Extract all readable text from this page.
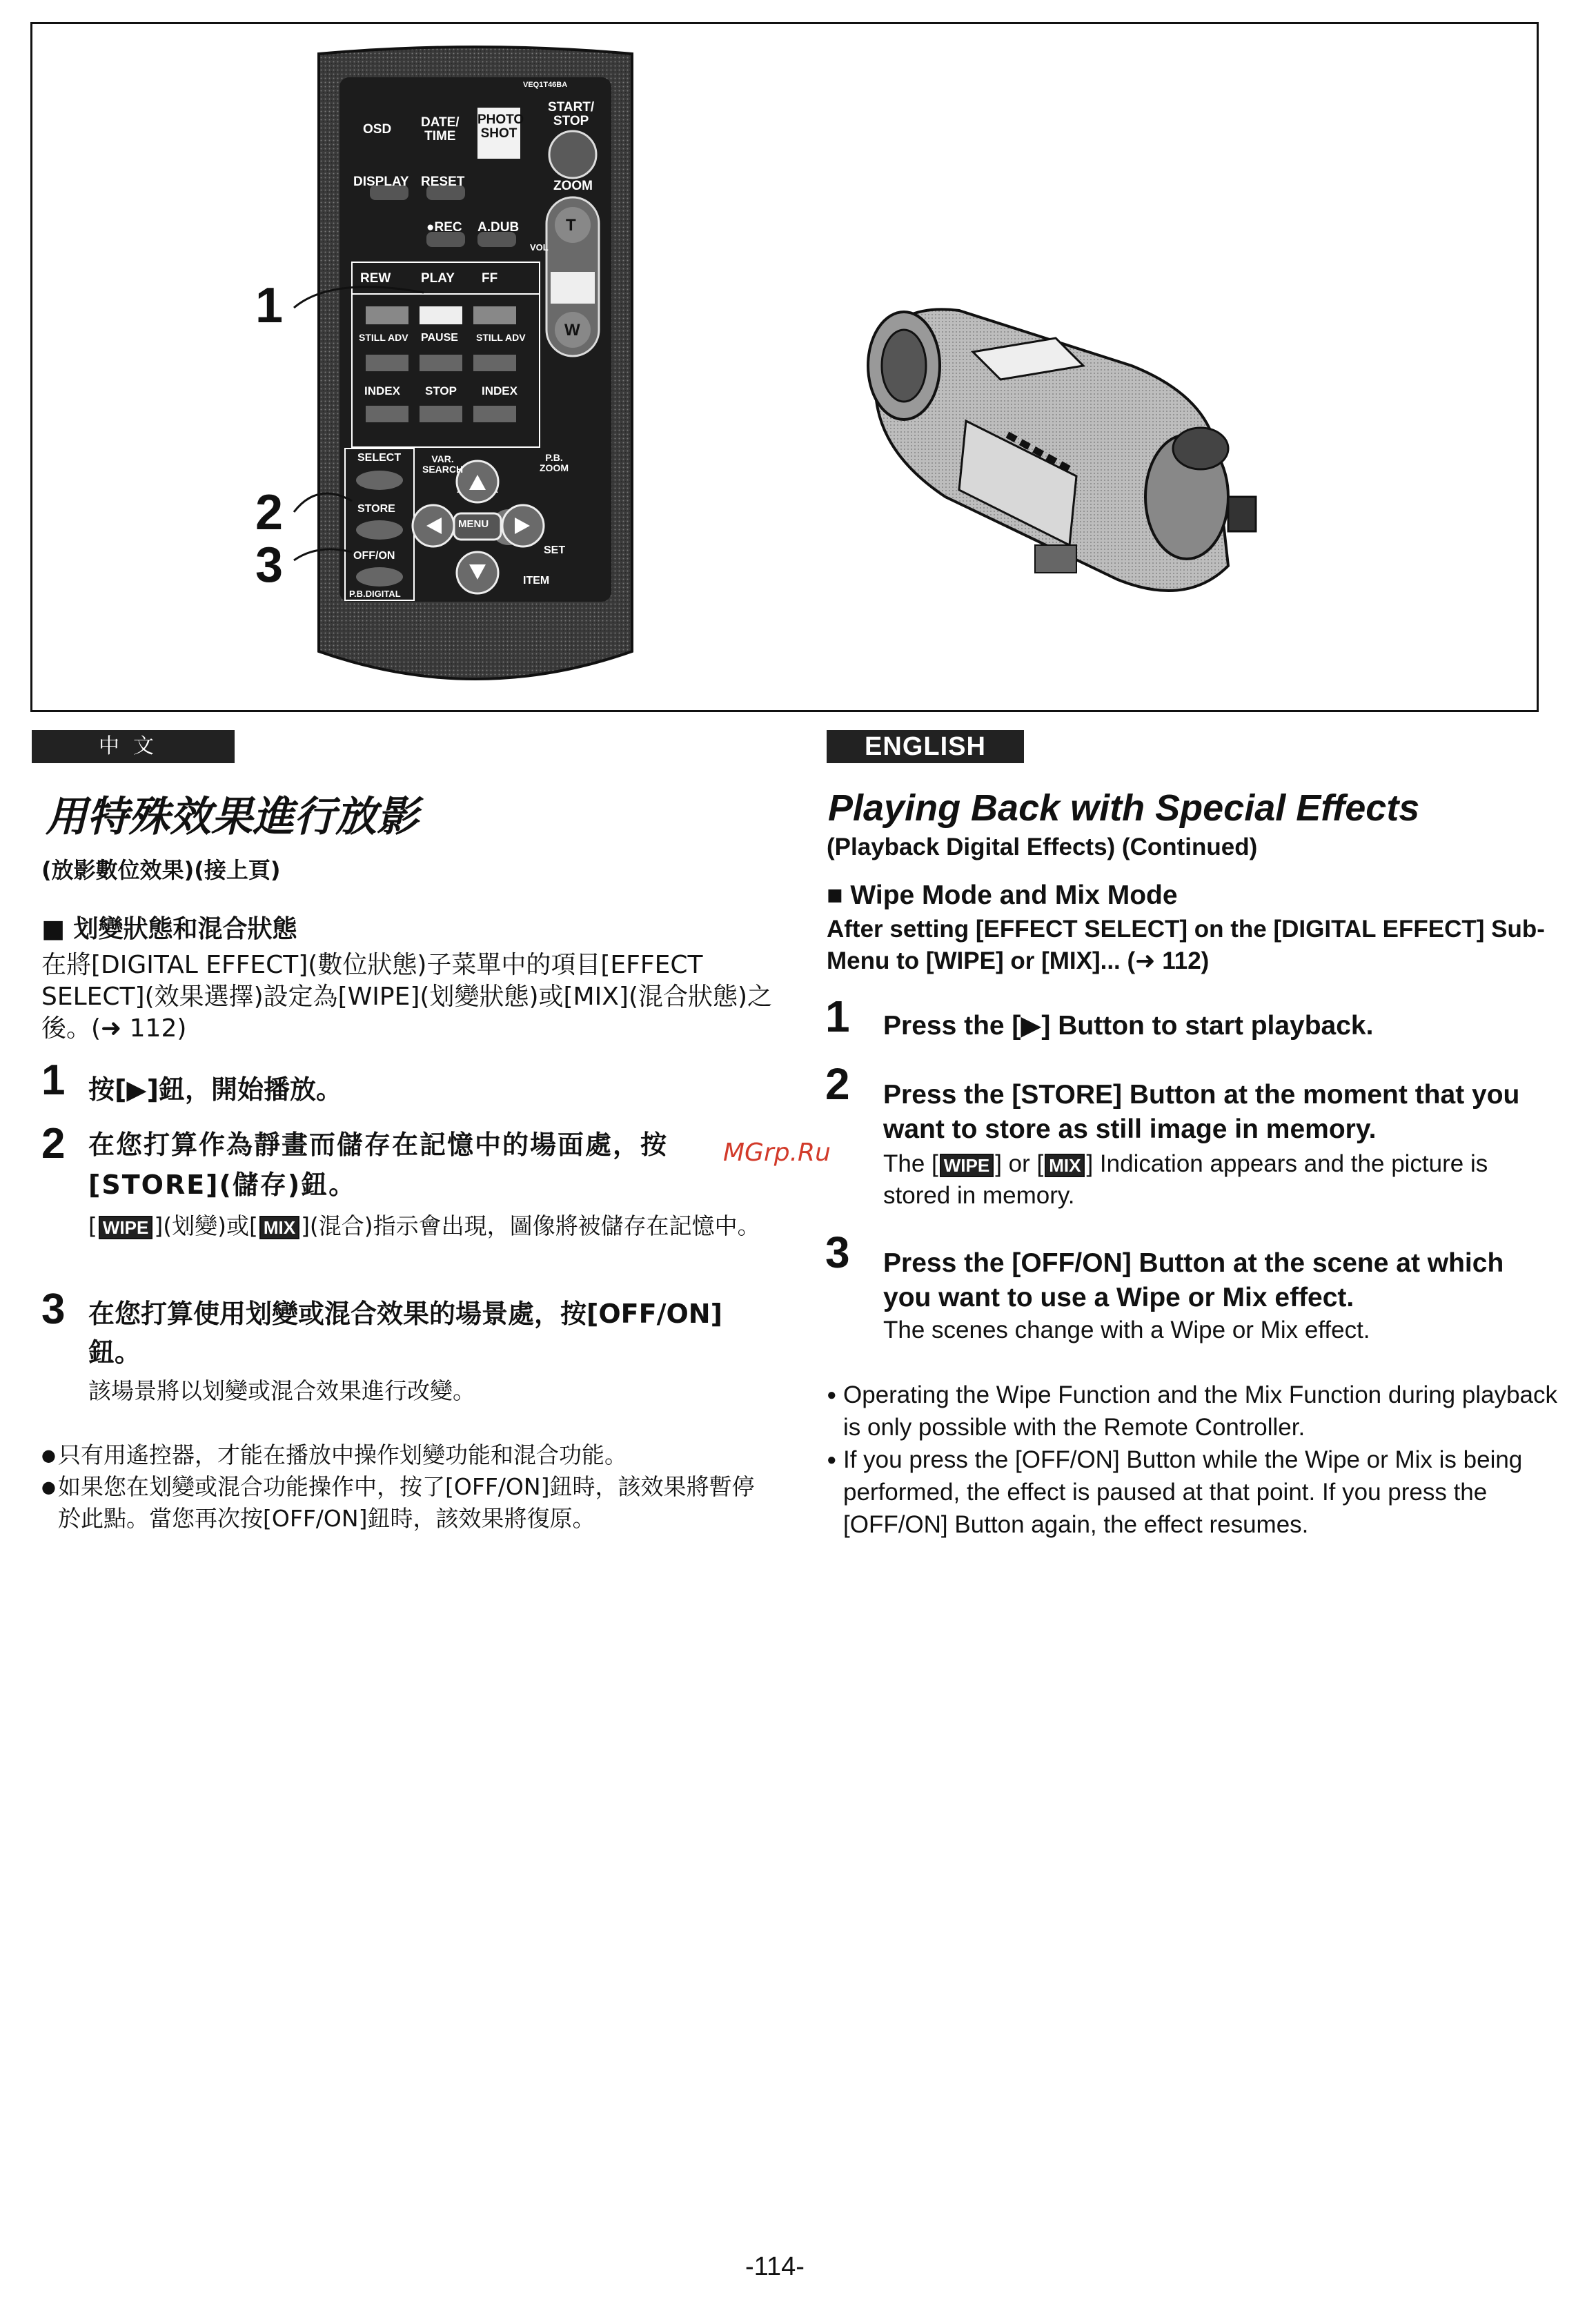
VEQ1T46BA
OSD DATE/
TIME
PHOTO
SHOT
START/
STOP
DISPLAY RESET	ZOOM
T
W
●REC A.DUB
VOL
REW PLAY FF
STILL ADV PAUSE STILL ADV
INDEX STOP INDEX
SELECT	VAR.
SEARCH
P.B.
ZOOM
STORE
MENU
OFF/ON	SET
P.B.DIGITAL
ITEM
1
2
3
中文
用特殊效果進行放影
(放影數位效果)(接上頁)
■ 划變狀態和混合狀態
在將[DIGITAL EFFECT](數位狀態)子菜單中的項目[EFFECT SELECT](效果選擇)設定為[WIPE](划變狀態)或[MIX](混合狀態)之後。(➜ 112)
1 按[▶]鈕，開始播放。
2 在您打算作為靜畫而儲存在記憶中的場面處，按[STORE](儲存)鈕。
[ WIPE ](划變)或[ MIX ](混合)指示會出現，圖像將被儲存在記憶中。
3 在您打算使用划變或混合效果的場景處，按[OFF/ON]鈕。
該場景將以划變或混合效果進行改變。
● 只有用遙控器，才能在播放中操作划變功能和混合功能。
● 如果您在划變或混合功能操作中，按了[OFF/ON]鈕時，該效果將暫停於此點。當您再次按[OFF/ON]鈕時，該效果將復原。
MGrp.Ru
ENGLISH
Playing Back with Special Effects
(Playback Digital Effects) (Continued)
■ Wipe Mode and Mix Mode
After setting [EFFECT SELECT] on the [DIGITAL EFFECT] Sub-Menu to [WIPE] or [MIX]... (➜ 112)
1 Press the [▶] Button to start playback.
2 Press the [STORE] Button at the moment that you want to store as still image in memory.
The [ WIPE ] or [ MIX ] Indication appears and the picture is stored in memory.
3 Press the [OFF/ON] Button at the scene at which you want to use a Wipe or Mix effect.
The scenes change with a Wipe or Mix effect.
● Operating the Wipe Function and the Mix Function during playback is only possible with the Remote Controller.
● If you press the [OFF/ON] Button while the Wipe or Mix is being performed, the effect is paused at that point. If you press the [OFF/ON] Button again, the effect resumes.
-114-
